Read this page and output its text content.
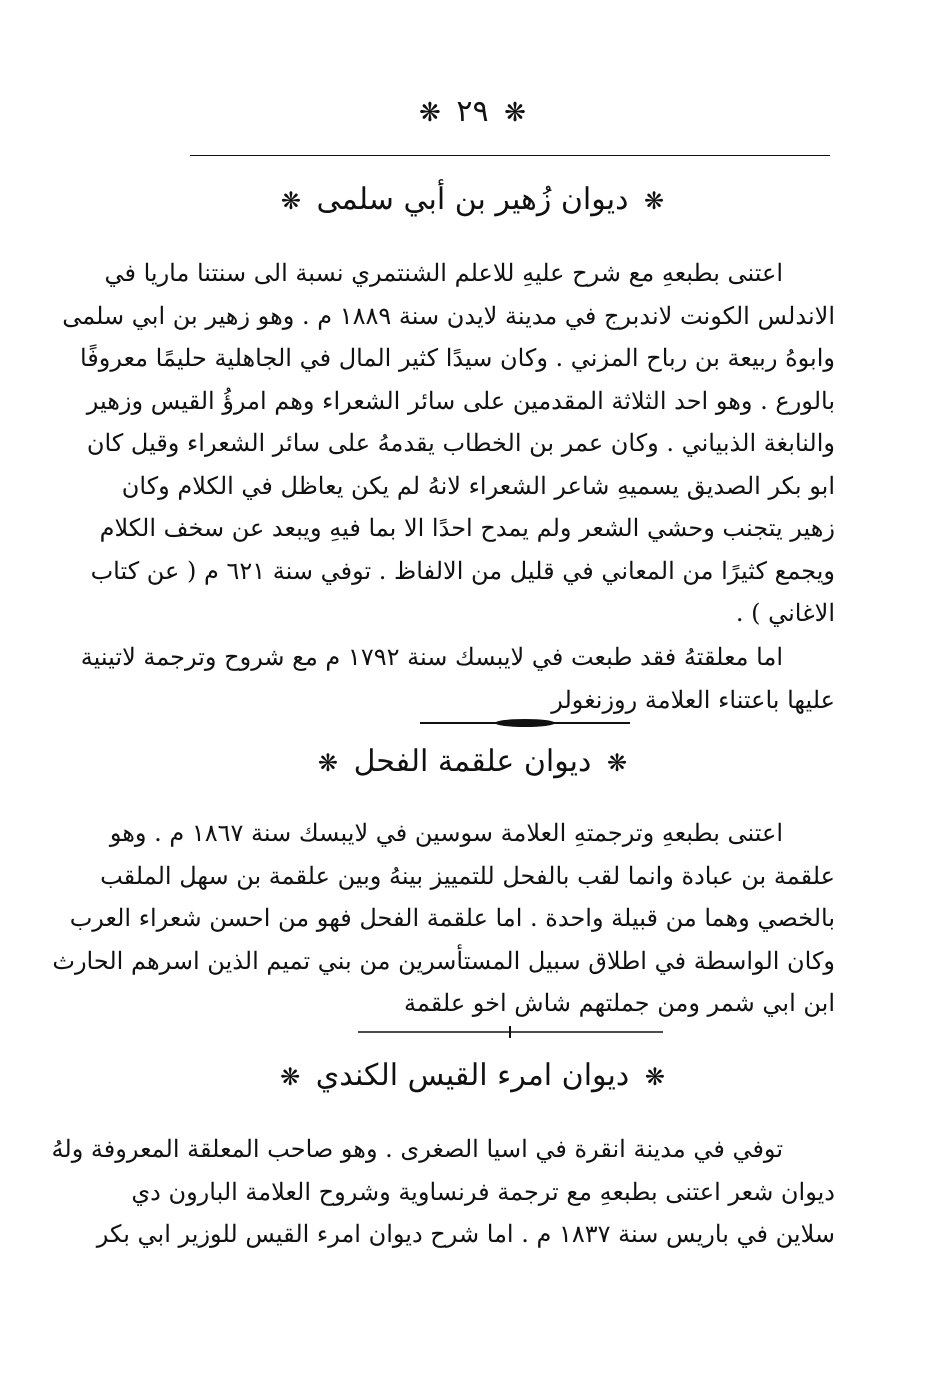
❋ ٢٩ ❋
❋ ديوان زُهير بن أبي سلمى ❋
اعتنى بطبعهِ مع شرح عليهِ للاعلم الشنتمري نسبة الى سنتنا ماريا في
الاندلس الكونت لاندبرج في مدينة لايدن سنة ١٨٨٩ م . وهو زهير بن ابي سلمى
وابوهُ ربيعة بن رباح المزني . وكان سيدًا كثير المال في الجاهلية حليمًا معروفًا
بالورع . وهو احد الثلاثة المقدمين على سائر الشعراء وهم امرؤُ القيس وزهير
والنابغة الذبياني . وكان عمر بن الخطاب يقدمهُ على سائر الشعراء وقيل كان
ابو بكر الصديق يسميهِ شاعر الشعراء لانهُ لم يكن يعاظل في الكلام وكان
زهير يتجنب وحشي الشعر ولم يمدح احدًا الا بما فيهِ ويبعد عن سخف الكلام
ويجمع كثيرًا من المعاني في قليل من الالفاظ . توفي سنة ٦٢١ م ( عن كتاب
الاغاني ) .
اما معلقتهُ فقد طبعت في لايبسك سنة ١٧٩٢ م مع شروح وترجمة لاتينية
عليها باعتناء العلامة روزنغولر
❋ ديوان علقمة الفحل ❋
اعتنى بطبعهِ وترجمتهِ العلامة سوسين في لايبسك سنة ١٨٦٧ م . وهو
علقمة بن عبادة وانما لقب بالفحل للتمييز بينهُ وبين علقمة بن سهل الملقب
بالخصي وهما من قبيلة واحدة . اما علقمة الفحل فهو من احسن شعراء العرب
وكان الواسطة في اطلاق سبيل المستأسرين من بني تميم الذين اسرهم الحارث
ابن ابي شمر ومن جملتهم شاش اخو علقمة
❋ ديوان امرء القيس الكندي ❋
توفي في مدينة انقرة في اسيا الصغرى . وهو صاحب المعلقة المعروفة ولهُ
ديوان شعر اعتنى بطبعهِ مع ترجمة فرنساوية وشروح العلامة البارون دي
سلاين في باريس سنة ١٨٣٧ م . اما شرح ديوان امرء القيس للوزير ابي بكر
